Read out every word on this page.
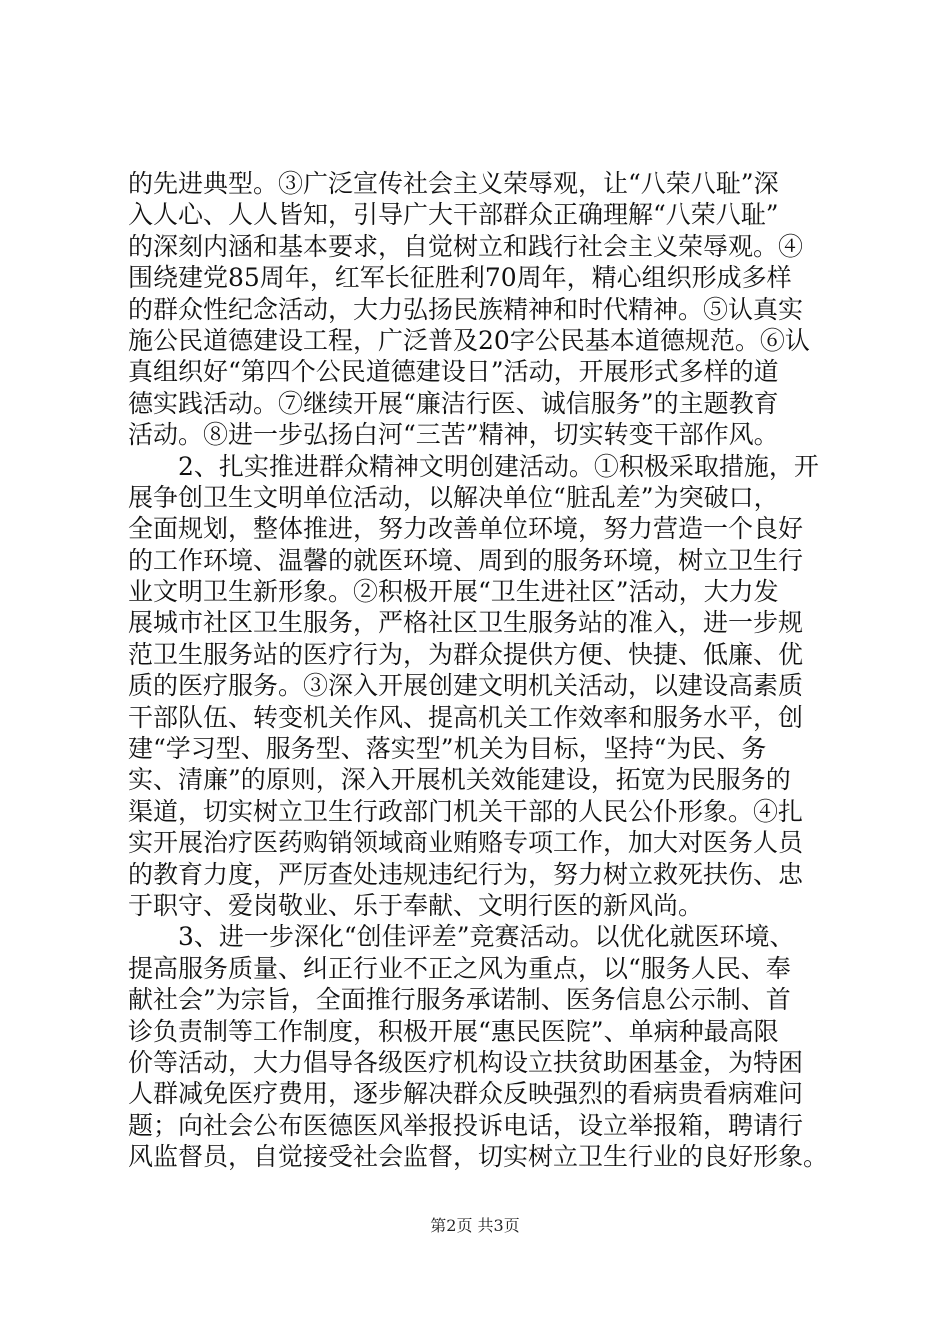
的先进典型。③广泛宣传社会主义荣辱观，让“八荣八耻”深
入人心、人人皆知，引导广大干部群众正确理解“八荣八耻”
的深刻内涵和基本要求，自觉树立和践行社会主义荣辱观。④
围绕建党85周年，红军长征胜利70周年，精心组织形成多样
的群众性纪念活动，大力弘扬民族精神和时代精神。⑤认真实
施公民道德建设工程，广泛普及20字公民基本道德规范。⑥认
真组织好“第四个公民道德建设日”活动，开展形式多样的道
德实践活动。⑦继续开展“廉洁行医、诚信服务”的主题教育
活动。⑧进一步弘扬白河“三苦”精神，切实转变干部作风。
　　2、扎实推进群众精神文明创建活动。①积极采取措施，开
展争创卫生文明单位活动，以解决单位“脏乱差”为突破口，
全面规划，整体推进，努力改善单位环境，努力营造一个良好
的工作环境、温馨的就医环境、周到的服务环境，树立卫生行
业文明卫生新形象。②积极开展“卫生进社区”活动，大力发
展城市社区卫生服务，严格社区卫生服务站的准入，进一步规
范卫生服务站的医疗行为，为群众提供方便、快捷、低廉、优
质的医疗服务。③深入开展创建文明机关活动，以建设高素质
干部队伍、转变机关作风、提高机关工作效率和服务水平，创
建“学习型、服务型、落实型”机关为目标，坚持“为民、务
实、清廉”的原则，深入开展机关效能建设，拓宽为民服务的
渠道，切实树立卫生行政部门机关干部的人民公仆形象。④扎
实开展治疗医药购销领域商业贿赂专项工作，加大对医务人员
的教育力度，严厉查处违规违纪行为，努力树立救死扶伤、忠
于职守、爱岗敬业、乐于奉献、文明行医的新风尚。
　　3、进一步深化“创佳评差”竞赛活动。以优化就医环境、
提高服务质量、纠正行业不正之风为重点，以“服务人民、奉
献社会”为宗旨，全面推行服务承诺制、医务信息公示制、首
诊负责制等工作制度，积极开展“惠民医院”、单病种最高限
价等活动，大力倡导各级医疗机构设立扶贫助困基金，为特困
人群减免医疗费用，逐步解决群众反映强烈的看病贵看病难问
题；向社会公布医德医风举报投诉电话，设立举报箱，聘请行
风监督员，自觉接受社会监督，切实树立卫生行业的良好形象。
第2页 共3页
